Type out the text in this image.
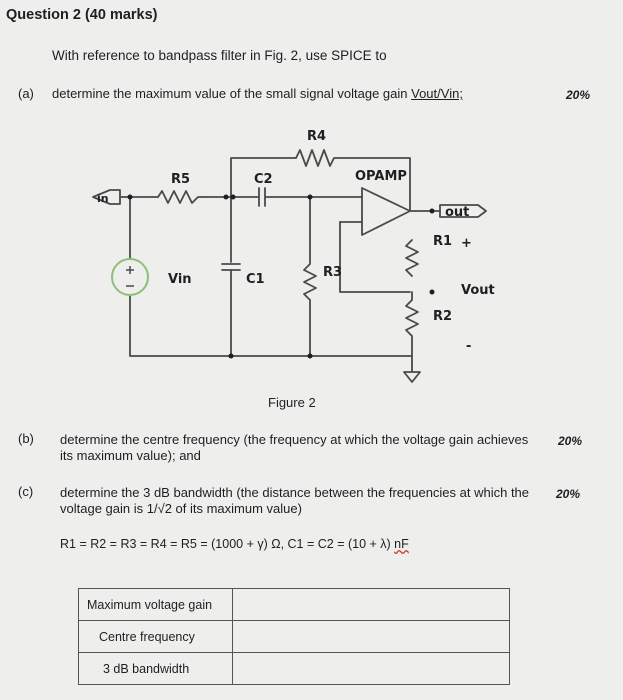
Question 2 (40 marks)
With reference to bandpass filter in Fig. 2, use SPICE to
(a) determine the maximum value of the small signal voltage gain Vout/Vin;	20%
in
R5	C2
R4
OPAMP
out
R1 +
Vin	C1	R3
Vout
R2
-
Figure 2
(b) determine the centre frequency (the frequency at which the voltage gain achieves its maximum value); and
20%
(c) determine the 3 dB bandwidth (the distance between the frequencies at which the voltage gain is 1/√2 of its maximum value)
20%
R1 = R2 = R3 = R4 = R5 = (1000 + γ) Ω, C1 = C2 = (10 + λ) nF
Maximum voltage gain	
Centre frequency	
3 dB bandwidth	
